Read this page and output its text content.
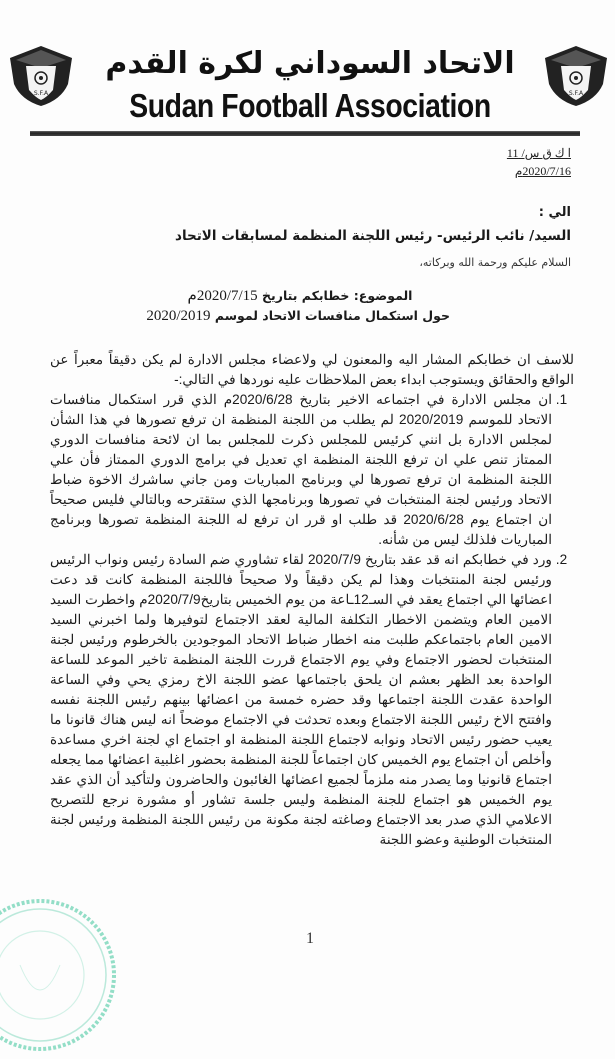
S.F.A	S.F.A
الاتحاد السوداني لكرة القدم
Sudan Football Association
ا ك ق س/ 11
2020/7/16م
الي :
السيد/ نائب الرئيس- رئيس اللجنة المنظمة لمسابقات الاتحاد
السلام عليكم ورحمة الله وبركاته،
الموضوع: خطابكم بتاريخ 2020/7/15م
حول استكمال منافسات الاتحاد لموسم 2020/2019

للاسف ان خطابكم المشار اليه والمعنون لي ولاعضاء مجلس الادارة لم يكن دقيقاً معبراً عن الواقع والحقائق ويستوجب ابداء بعض الملاحظات عليه نوردها في التالي:-

1. ان مجلس الادارة في اجتماعه الاخير بتاريخ 2020/6/28م الذي قرر استكمال منافسات الاتحاد للموسم 2020/2019 لم يطلب من اللجنة المنظمة ان ترفع تصورها في هذا الشأن لمجلس الادارة بل انني كرئيس للمجلس ذكرت للمجلس بما ان لائحة منافسات الدوري الممتاز تنص علي ان ترفع اللجنة المنظمة اي تعديل في برامج الدوري الممتاز فأن علي اللجنة المنظمة ان ترفع تصورها لي وبرنامج المباريات ومن جاني ساشرك الاخوة ضباط الاتحاد ورئيس لجنة المنتخبات في تصورها وبرنامجها الذي ستقترحه وبالتالي فليس صحيحاً ان اجتماع يوم 2020/6/28 قد طلب او قرر ان ترفع له اللجنة المنظمة تصورها وبرنامج المباريات فلذلك ليس من شأنه.
2. ورد في خطابكم انه قد عقد بتاريخ 2020/7/9 لقاء تشاوري ضم السادة رئيس ونواب الرئيس ورئيس لجنة المنتخبات وهذا لم يكن دقيقاً ولا صحيحاً فاللجنة المنظمة كانت قد دعت اعضائها الي اجتماع يعقد في السـ12ـاعة من يوم الخميس بتاريخ2020/7/9م واخطرت السيد الامين العام ويتضمن الاخطار التكلفة المالية لعقد الاجتماع لتوفيرها ولما اخبرني السيد الامين العام باجتماعكم طلبت منه اخطار ضباط الاتحاد الموجودين بالخرطوم ورئيس لجنة المنتخبات لحضور الاجتماع وفي يوم الاجتماع قررت اللجنة المنظمة تاخير الموعد للساعة الواحدة بعد الظهر بعشم ان يلحق باجتماعها عضو اللجنة الاخ رمزي يحي وفي الساعة الواحدة عقدت اللجنة اجتماعها وقد حضره خمسة من اعضائها بينهم رئيس اللجنة نفسه وافتتح الاخ رئيس اللجنة الاجتماع وبعده تحدثت في الاجتماع موضحاً انه ليس هناك قانونا ما يعيب حضور رئيس الاتحاد ونوابه لاجتماع اللجنة المنظمة او اجتماع اي لجنة اخري مساعدة وأخلص أن اجتماع يوم الخميس كان اجتماعاً للجنة المنظمة بحضور اغلبية اعضائها مما يجعله اجتماع قانونيا وما يصدر منه ملزماً لجميع اعضائها الغائبون والحاضرون ولتأكيد أن الذي عقد يوم الخميس هو اجتماع للجنة المنظمة وليس جلسة تشاور أو مشورة نرجع للتصريح الاعلامي الذي صدر بعد الاجتماع وصاغته لجنة مكونة من رئيس اللجنة المنظمة ورئيس لجنة المنتخبات الوطنية وعضو اللجنة
1
